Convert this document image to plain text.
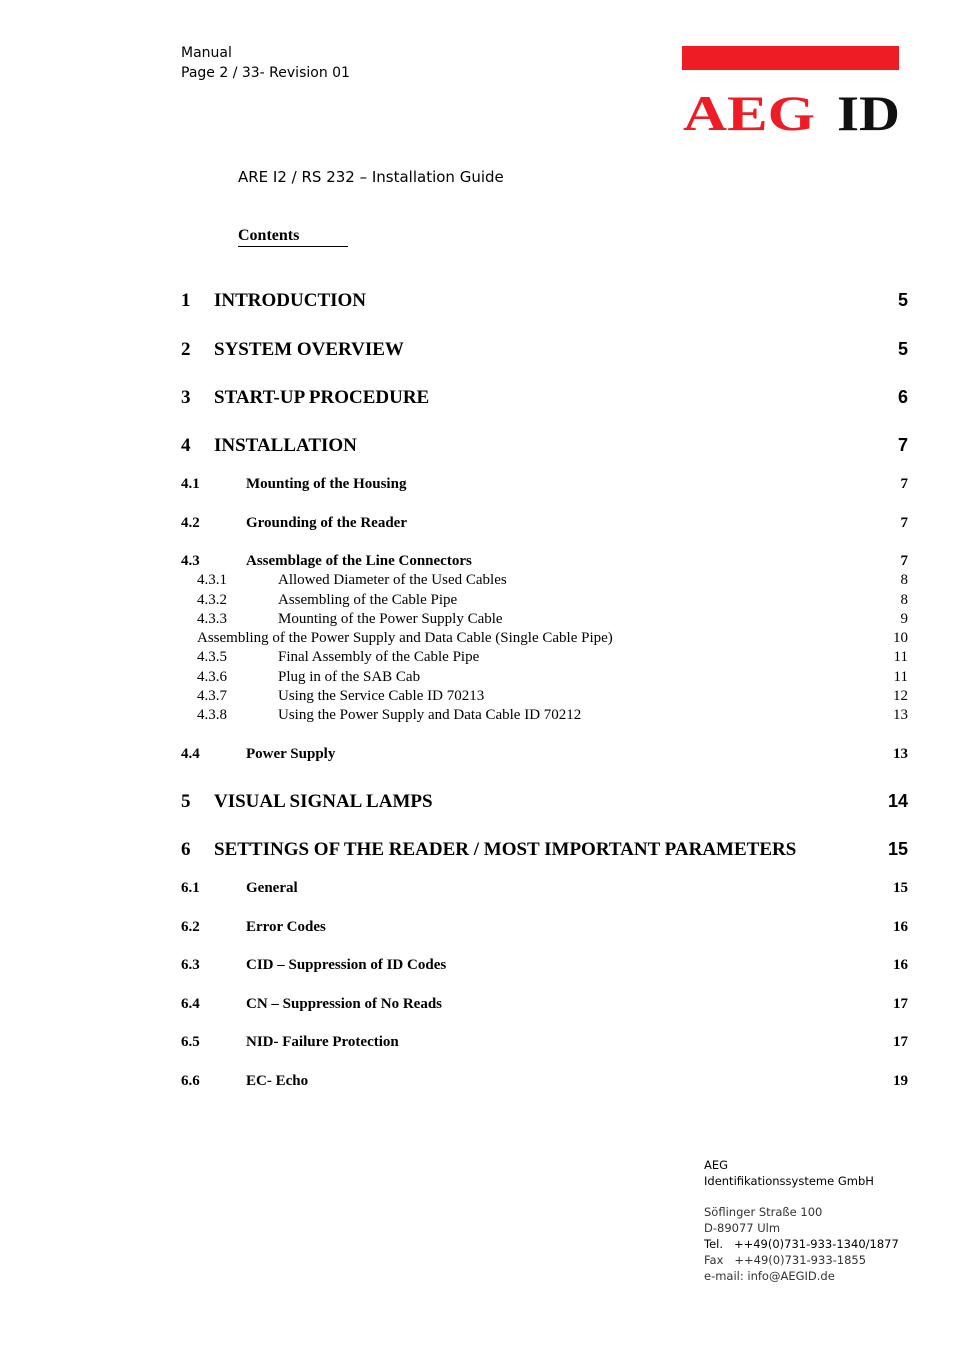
Manual
Page 2 / 33- Revision 01
AEG ID
ARE I2 / RS 232 – Installation Guide
Contents
1 INTRODUCTION	5
2 SYSTEM OVERVIEW	5
3 START-UP PROCEDURE	6
4 INSTALLATION	7
4.1	Mounting of the Housing	7
4.2	Grounding of the Reader	7
4.3	Assemblage of the Line Connectors	7
4.3.1	Allowed Diameter of the Used Cables	8
4.3.2	Assembling of the Cable Pipe	8
4.3.3	Mounting of the Power Supply Cable	9
Assembling of the Power Supply and Data Cable (Single Cable Pipe)	10
4.3.5	Final Assembly of the Cable Pipe	11
4.3.6	Plug in of the SAB Cab	11
4.3.7	Using the Service Cable ID 70213	12
4.3.8	Using the Power Supply and Data Cable ID 70212	13
4.4	Power Supply	13
5 VISUAL SIGNAL LAMPS	14
6 SETTINGS OF THE READER / MOST IMPORTANT PARAMETERS	15
6.1	General	15
6.2	Error Codes	16
6.3	CID – Suppression of ID Codes	16
6.4	CN – Suppression of No Reads	17
6.5	NID- Failure Protection	17
6.6	EC- Echo	19
AEG
Identifikationssysteme GmbH
Söflinger Straße 100
D-89077 Ulm
Tel. ++49(0)731-933-1340/1877
Fax ++49(0)731-933-1855
e-mail: info@AEGID.de
